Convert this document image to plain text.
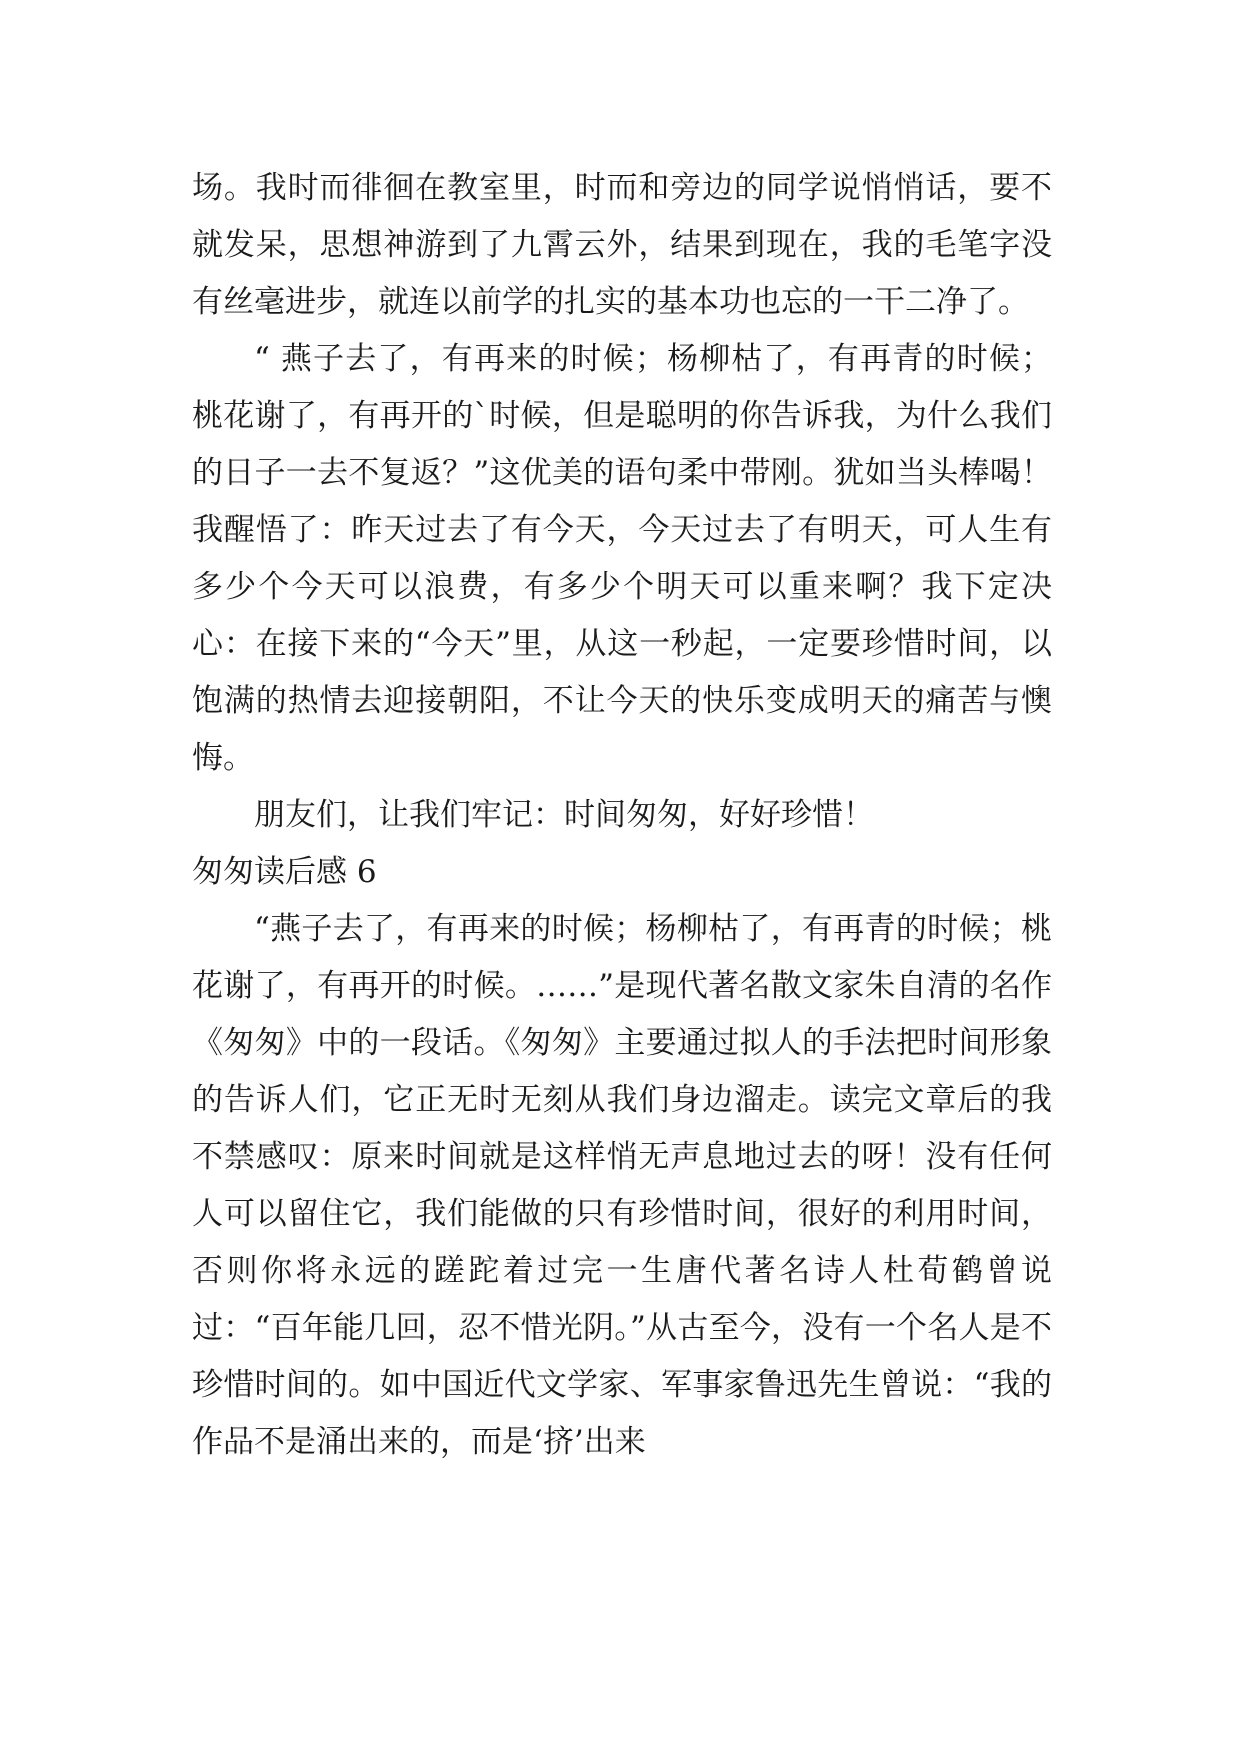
场。我时而徘徊在教室里，时而和旁边的同学说悄悄话，要不就发呆，思想神游到了九霄云外，结果到现在，我的毛笔字没有丝毫进步，就连以前学的扎实的基本功也忘的一干二净了。

“ 燕子去了，有再来的时候；杨柳枯了，有再青的时候；桃花谢了，有再开的`时候，但是聪明的你告诉我，为什么我们的日子一去不复返？”这优美的语句柔中带刚。犹如当头棒喝！我醒悟了：昨天过去了有今天，今天过去了有明天，可人生有多少个今天可以浪费，有多少个明天可以重来啊？我下定决心：在接下来的“今天”里，从这一秒起，一定要珍惜时间，以饱满的热情去迎接朝阳，不让今天的快乐变成明天的痛苦与懊悔。

朋友们，让我们牢记：时间匆匆，好好珍惜！

匆匆读后感 6

“燕子去了，有再来的时候；杨柳枯了，有再青的时候；桃花谢了，有再开的时候。……”是现代著名散文家朱自清的名作《匆匆》中的一段话。《匆匆》主要通过拟人的手法把时间形象的告诉人们，它正无时无刻从我们身边溜走。读完文章后的我不禁感叹：原来时间就是这样悄无声息地过去的呀！没有任何人可以留住它，我们能做的只有珍惜时间，很好的利用时间，否则你将永远的蹉跎着过完一生唐代著名诗人杜荀鹤曾说过：“百年能几回，忍不惜光阴。”从古至今，没有一个名人是不珍惜时间的。如中国近代文学家、军事家鲁迅先生曾说：“我的作品不是涌出来的，而是‘挤’出来
